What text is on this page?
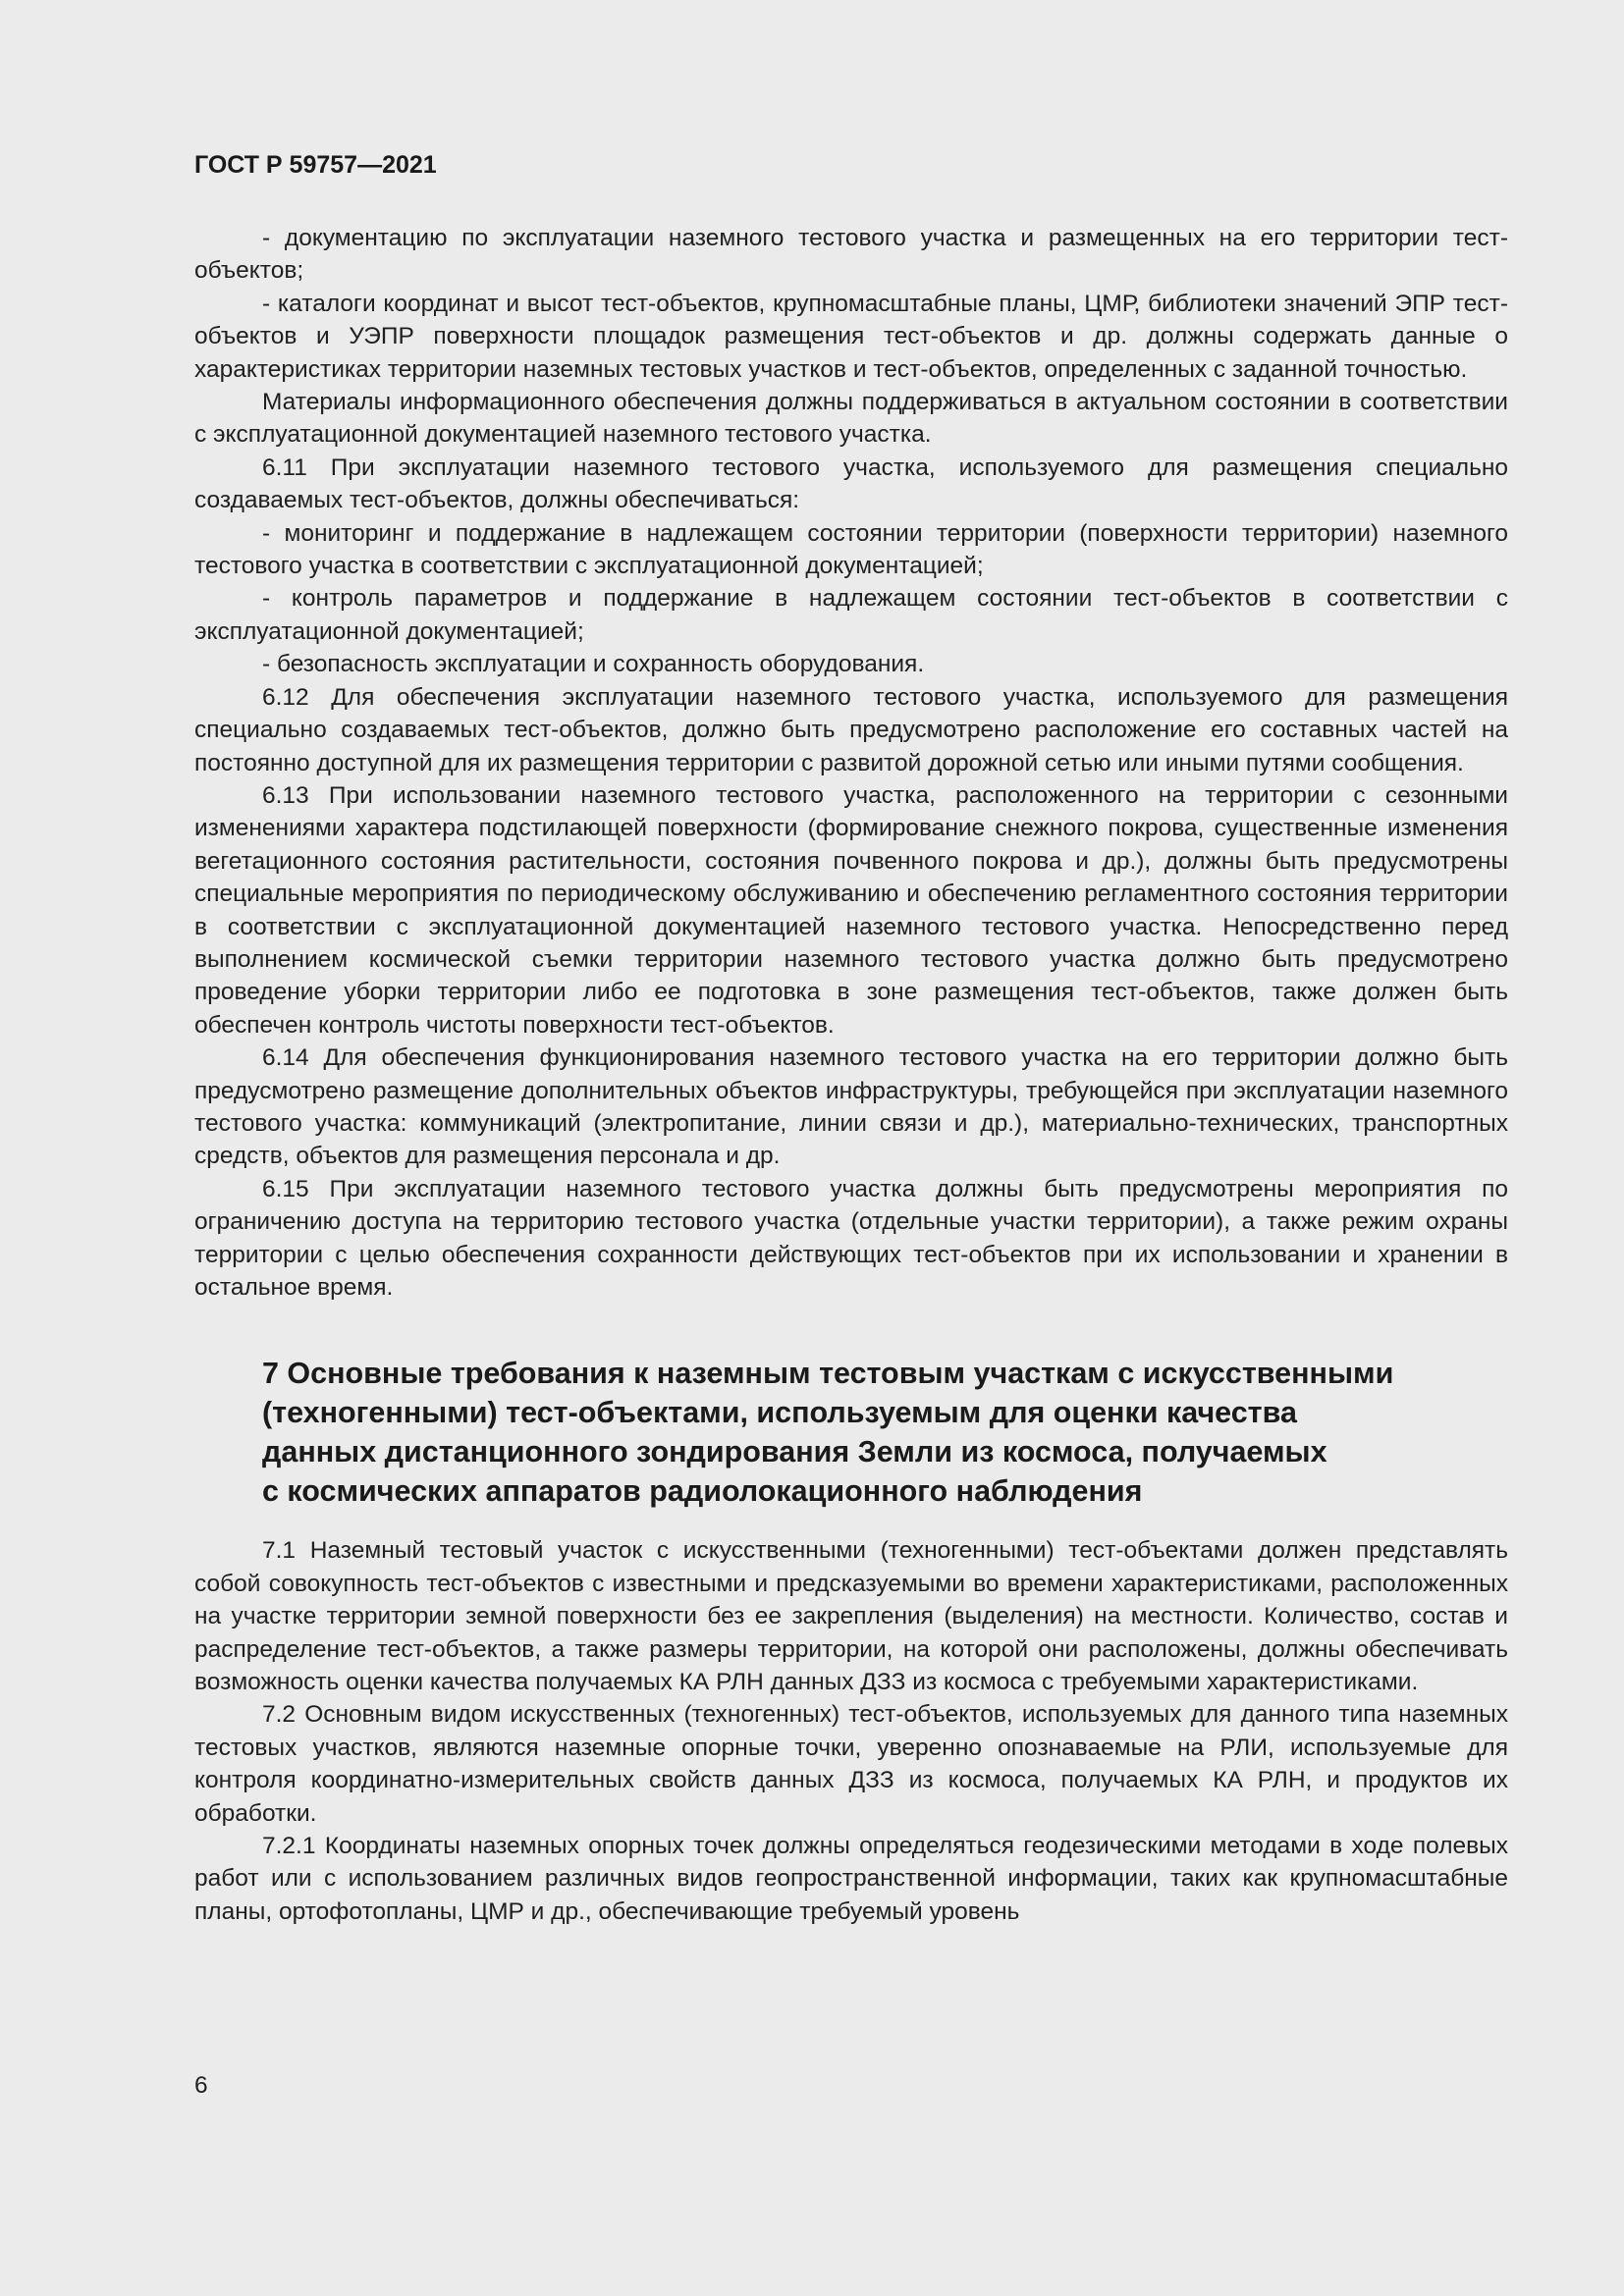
ГОСТ Р 59757—2021

- документацию по эксплуатации наземного тестового участка и размещенных на его территории тест-объектов;

- каталоги координат и высот тест-объектов, крупномасштабные планы, ЦМР, библиотеки значений ЭПР тест-объектов и УЭПР поверхности площадок размещения тест-объектов и др. должны содержать данные о характеристиках территории наземных тестовых участков и тест-объектов, определенных с заданной точностью.

Материалы информационного обеспечения должны поддерживаться в актуальном состоянии в соответствии с эксплуатационной документацией наземного тестового участка.

6.11 При эксплуатации наземного тестового участка, используемого для размещения специально создаваемых тест-объектов, должны обеспечиваться:

- мониторинг и поддержание в надлежащем состоянии территории (поверхности территории) наземного тестового участка в соответствии с эксплуатационной документацией;

- контроль параметров и поддержание в надлежащем состоянии тест-объектов в соответствии с эксплуатационной документацией;

- безопасность эксплуатации и сохранность оборудования.

6.12 Для обеспечения эксплуатации наземного тестового участка, используемого для размещения специально создаваемых тест-объектов, должно быть предусмотрено расположение его составных частей на постоянно доступной для их размещения территории с развитой дорожной сетью или иными путями сообщения.

6.13 При использовании наземного тестового участка, расположенного на территории с сезонными изменениями характера подстилающей поверхности (формирование снежного покрова, существенные изменения вегетационного состояния растительности, состояния почвенного покрова и др.), должны быть предусмотрены специальные мероприятия по периодическому обслуживанию и обеспечению регламентного состояния территории в соответствии с эксплуатационной документацией наземного тестового участка. Непосредственно перед выполнением космической съемки территории наземного тестового участка должно быть предусмотрено проведение уборки территории либо ее подготовка в зоне размещения тест-объектов, также должен быть обеспечен контроль чистоты поверхности тест-объектов.

6.14 Для обеспечения функционирования наземного тестового участка на его территории должно быть предусмотрено размещение дополнительных объектов инфраструктуры, требующейся при эксплуатации наземного тестового участка: коммуникаций (электропитание, линии связи и др.), материально-технических, транспортных средств, объектов для размещения персонала и др.

6.15 При эксплуатации наземного тестового участка должны быть предусмотрены мероприятия по ограничению доступа на территорию тестового участка (отдельные участки территории), а также режим охраны территории с целью обеспечения сохранности действующих тест-объектов при их использовании и хранении в остальное время.

7 Основные требования к наземным тестовым участкам с искусственными
(техногенными) тест-объектами, используемым для оценки качества
данных дистанционного зондирования Земли из космоса, получаемых
с космических аппаратов радиолокационного наблюдения

7.1 Наземный тестовый участок с искусственными (техногенными) тест-объектами должен представлять собой совокупность тест-объектов с известными и предсказуемыми во времени характеристиками, расположенных на участке территории земной поверхности без ее закрепления (выделения) на местности. Количество, состав и распределение тест-объектов, а также размеры территории, на которой они расположены, должны обеспечивать возможность оценки качества получаемых КА РЛН данных ДЗЗ из космоса с требуемыми характеристиками.

7.2 Основным видом искусственных (техногенных) тест-объектов, используемых для данного типа наземных тестовых участков, являются наземные опорные точки, уверенно опознаваемые на РЛИ, используемые для контроля координатно-измерительных свойств данных ДЗЗ из космоса, получаемых КА РЛН, и продуктов их обработки.

7.2.1 Координаты наземных опорных точек должны определяться геодезическими методами в ходе полевых работ или с использованием различных видов геопространственной информации, таких как крупномасштабные планы, ортофотопланы, ЦМР и др., обеспечивающие требуемый уровень

6
